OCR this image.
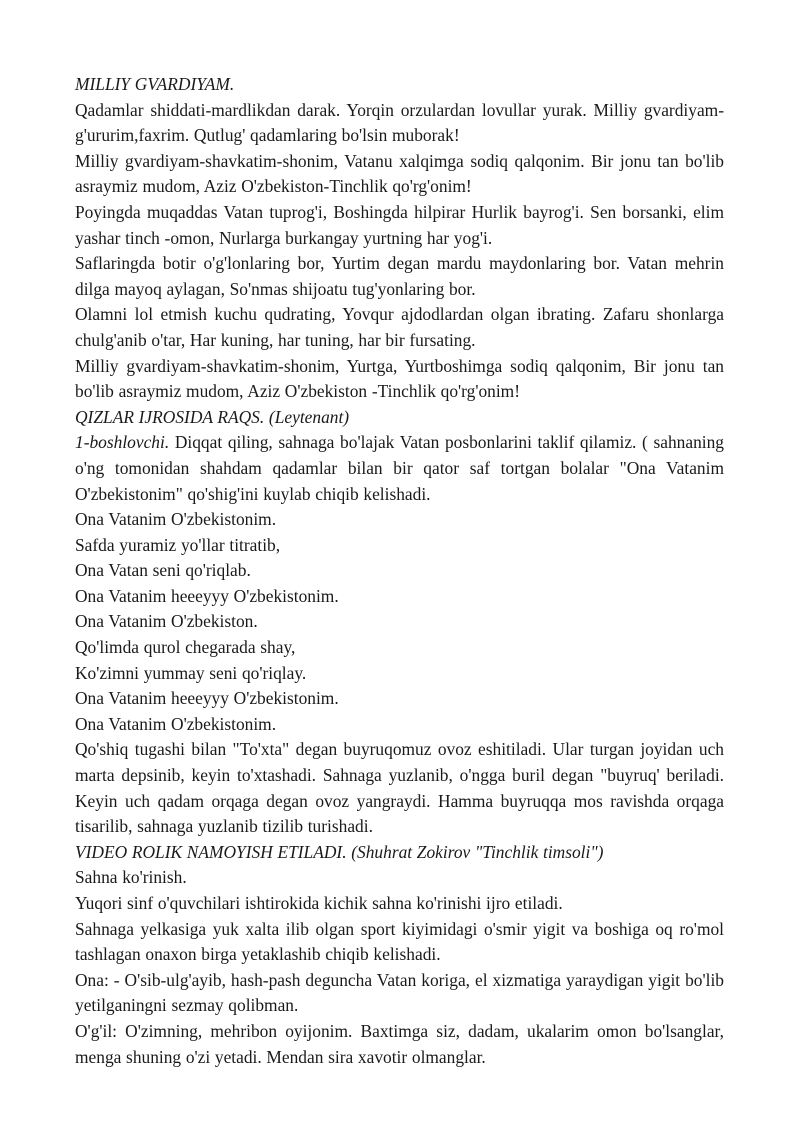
MILLIY GVARDIYAM.

Qadamlar shiddati-mardlikdan darak. Yorqin orzulardan lovullar yurak. Milliy gvardiyam-g'ururim,faxrim. Qutlug' qadamlaring bo'lsin muborak!

Milliy gvardiyam-shavkatim-shonim, Vatanu xalqimga sodiq qalqonim. Bir jonu tan bo'lib asraymiz mudom, Aziz O'zbekiston-Tinchlik qo'rg'onim!

Poyingda muqaddas Vatan tuprog'i, Boshingda hilpirar Hurlik bayrog'i. Sen borsanki, elim yashar tinch -omon, Nurlarga burkangay yurtning har yog'i.

Saflaringda botir o'g'lonlaring bor, Yurtim degan mardu maydonlaring bor. Vatan mehrin dilga mayoq aylagan, So'nmas shijoatu tug'yonlaring bor.

Olamni lol etmish kuchu qudrating, Yovqur ajdodlardan olgan ibrating. Zafaru shonlarga chulg'anib o'tar, Har kuning, har tuning, har bir fursating.

Milliy gvardiyam-shavkatim-shonim, Yurtga, Yurtboshimga sodiq qalqonim, Bir jonu tan bo'lib asraymiz mudom, Aziz O'zbekiston -Tinchlik qo'rg'onim!

QIZLAR IJROSIDA RAQS. (Leytenant)

1-boshlovchi. Diqqat qiling, sahnaga bo'lajak Vatan posbonlarini taklif qilamiz. ( sahnaning o'ng tomonidan shahdam qadamlar bilan bir qator saf tortgan bolalar "Ona Vatanim O'zbekistonim" qo'shig'ini kuylab chiqib kelishadi.

Ona Vatanim O'zbekistonim.

Safda yuramiz yo'llar titratib,

Ona Vatan seni qo'riqlab.

Ona Vatanim heeeyyy O'zbekistonim.

Ona Vatanim O'zbekiston.

Qo'limda qurol chegarada shay,

Ko'zimni yummay seni qo'riqlay.

Ona Vatanim heeeyyy O'zbekistonim.

Ona Vatanim O'zbekistonim.

Qo'shiq tugashi bilan "To'xta" degan buyruqomuz ovoz eshitiladi. Ular turgan joyidan uch marta depsinib, keyin to'xtashadi. Sahnaga yuzlanib, o'ngga buril degan "buyruq' beriladi. Keyin uch qadam orqaga degan ovoz yangraydi. Hamma buyruqqa mos ravishda orqaga tisarilib, sahnaga yuzlanib tizilib turishadi.

VIDEO ROLIK NAMOYISH ETILADI. (Shuhrat Zokirov "Tinchlik timsoli")

Sahna ko'rinish.

Yuqori sinf o'quvchilari ishtirokida kichik sahna ko'rinishi ijro etiladi.

Sahnaga yelkasiga yuk xalta ilib olgan sport kiyimidagi o'smir yigit va boshiga oq ro'mol tashlagan onaxon birga yetaklashib chiqib kelishadi.

Ona: - O'sib-ulg'ayib, hash-pash deguncha Vatan koriga, el xizmatiga yaraydigan yigit bo'lib yetilganingni sezmay qolibman.

O'g'il: O'zimning, mehribon oyijonim. Baxtimga siz, dadam, ukalarim omon bo'lsanglar, menga shuning o'zi yetadi. Mendan sira xavotir olmanglar.
